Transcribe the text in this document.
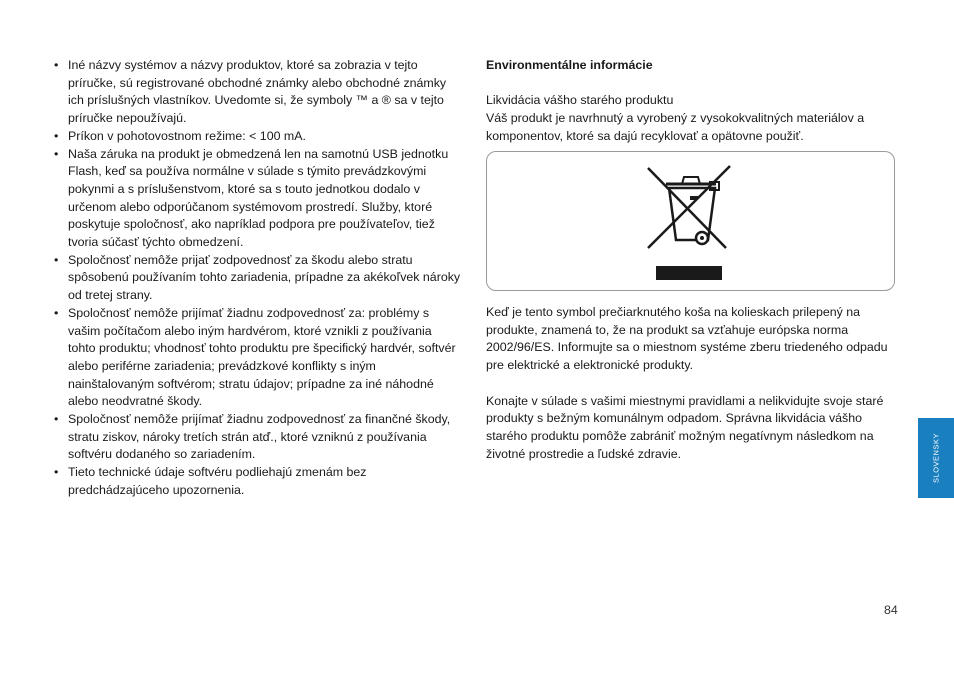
• Iné názvy systémov a názvy produktov, ktoré sa zobrazia v tejto príručke, sú registrované obchodné známky alebo obchodné známky ich príslušných vlastníkov. Uvedomte si, že symboly ™ a ® sa v tejto príručke nepoužívajú.
• Príkon v pohotovostnom režime: < 100 mA.
• Naša záruka na produkt je obmedzená len na samotnú USB jednotku Flash, keď sa používa normálne v súlade s týmito prevádzkovými pokynmi a s príslušenstvom, ktoré sa s touto jednotkou dodalo v určenom alebo odporúčanom systémovom prostredí. Služby, ktoré poskytuje spoločnosť, ako napríklad podpora pre používateľov, tiež tvoria súčasť týchto obmedzení.
• Spoločnosť nemôže prijať zodpovednosť za škodu alebo stratu spôsobenú používaním tohto zariadenia, prípadne za akékoľvek nároky od tretej strany.
• Spoločnosť nemôže prijímať žiadnu zodpovednosť za: problémy s vašim počítačom alebo iným hardvérom, ktoré vznikli z používania tohto produktu; vhodnosť tohto produktu pre špecifický hardvér, softvér alebo periférne zariadenia; prevádzkové konflikty s iným nainštalovaným softvérom; stratu údajov; prípadne za iné náhodné alebo neodvratné škody.
• Spoločnosť nemôže prijímať žiadnu zodpovednosť za finančné škody, stratu ziskov, nároky tretích strán atď., ktoré vzniknú z používania softvéru dodaného so zariadením.
• Tieto technické údaje softvéru podliehajú zmenám bez predchádzajúceho upozornenia.

Environmentálne informácie

Likvidácia vášho starého produktu

Váš produkt je navrhnutý a vyrobený z vysokokvalitných materiálov a komponentov, ktoré sa dajú recyklovať a opätovne použiť.

Keď je tento symbol prečiarknutého koša na kolieskach prilepený na produkte, znamená to, že na produkt sa vzťahuje európska norma 2002/96/ES. Informujte sa o miestnom systéme zberu triedeného odpadu pre elektrické a elektronické produkty.

Konajte v súlade s vašimi miestnymi pravidlami a nelikvidujte svoje staré produkty s bežným komunálnym odpadom. Správna likvidácia vášho starého produktu pomôže zabrániť možným negatívnym následkom na životné prostredie a ľudské zdravie.	SLOVENSKY
84
